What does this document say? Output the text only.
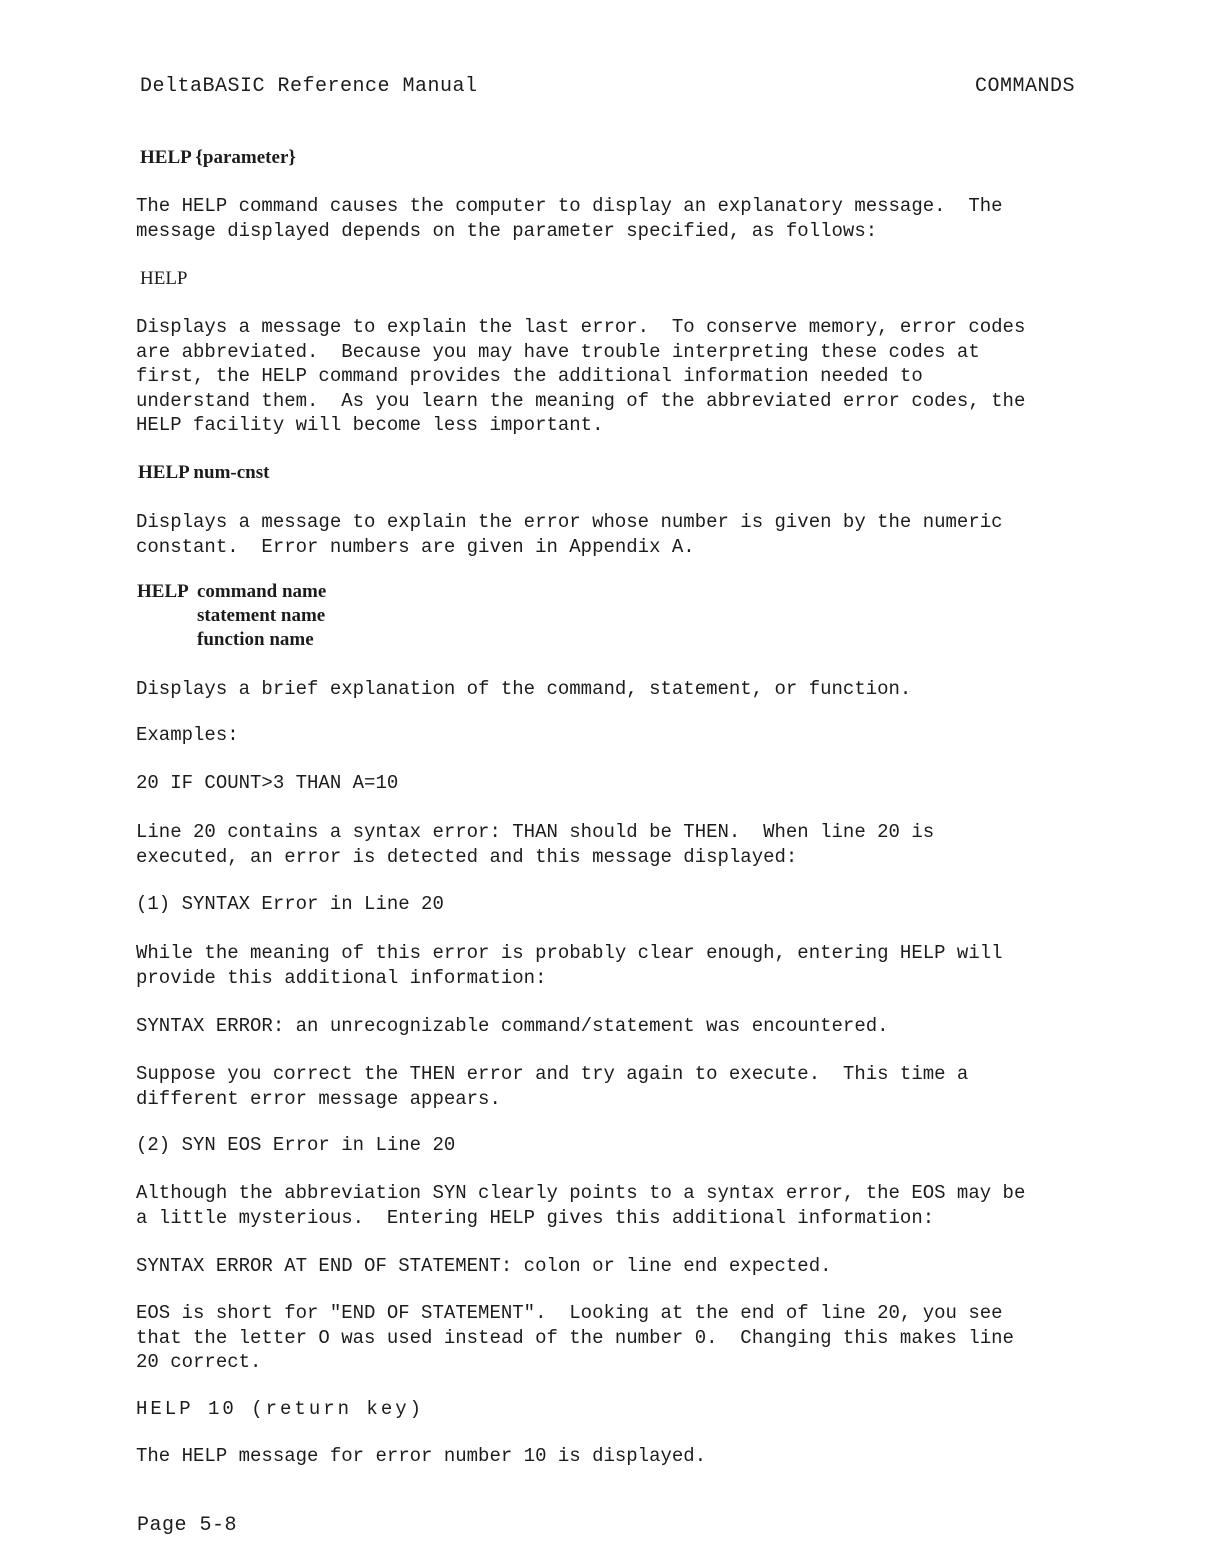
DeltaBASIC Reference Manual	COMMANDS
HELP {parameter}
The HELP command causes the computer to display an explanatory message.  The
message displayed depends on the parameter specified, as follows:
HELP
Displays a message to explain the last error.  To conserve memory, error codes
are abbreviated.  Because you may have trouble interpreting these codes at
first, the HELP command provides the additional information needed to
understand them.  As you learn the meaning of the abbreviated error codes, the
HELP facility will become less important.
HELP num-cnst
Displays a message to explain the error whose number is given by the numeric
constant.  Error numbers are given in Appendix A.
HELP command name
statement name
function name
Displays a brief explanation of the command, statement, or function.
Examples:
20 IF COUNT>3 THAN A=10
Line 20 contains a syntax error: THAN should be THEN.  When line 20 is
executed, an error is detected and this message displayed:
(1) SYNTAX Error in Line 20
While the meaning of this error is probably clear enough, entering HELP will
provide this additional information:
SYNTAX ERROR: an unrecognizable command/statement was encountered.
Suppose you correct the THEN error and try again to execute.  This time a
different error message appears.
(2) SYN EOS Error in Line 20
Although the abbreviation SYN clearly points to a syntax error, the EOS may be
a little mysterious.  Entering HELP gives this additional information:
SYNTAX ERROR AT END OF STATEMENT: colon or line end expected.
EOS is short for "END OF STATEMENT".  Looking at the end of line 20, you see
that the letter O was used instead of the number 0.  Changing this makes line
20 correct.
HELP 10 (return key)
The HELP message for error number 10 is displayed.
Page 5-8
